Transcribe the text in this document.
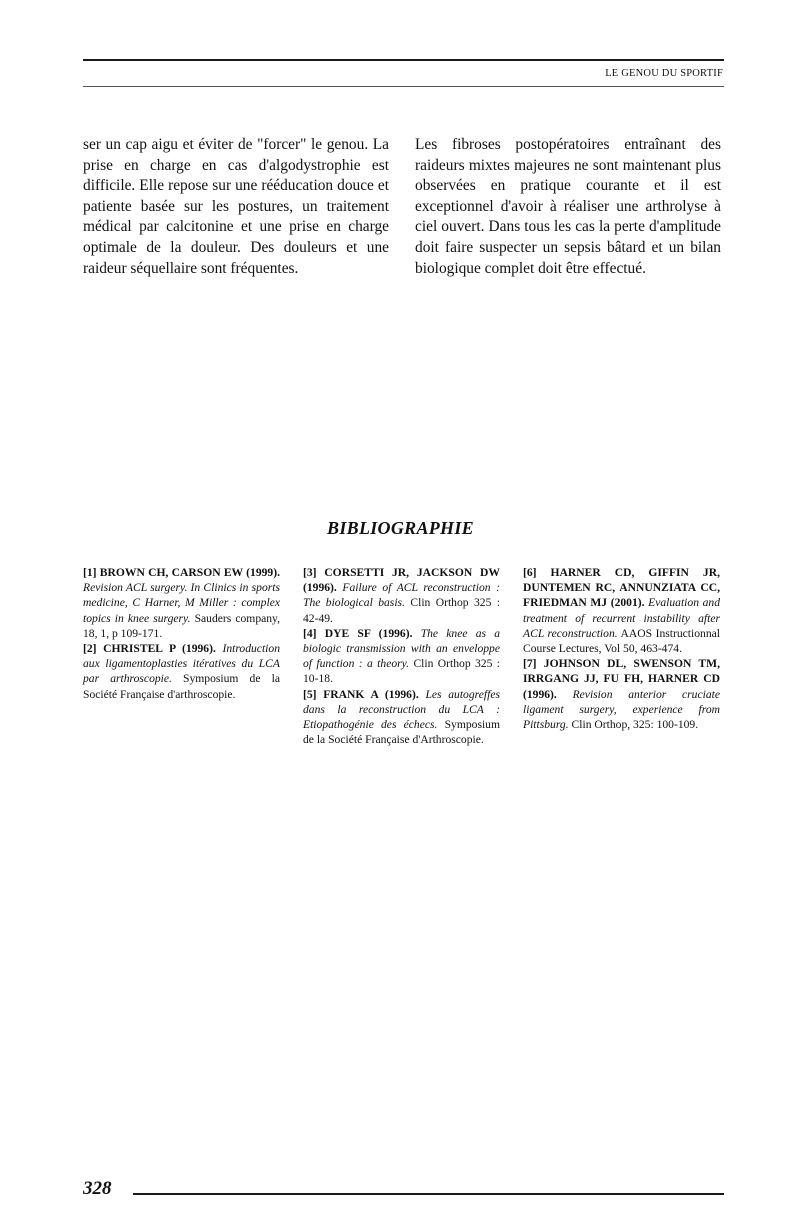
LE GENOU DU SPORTIF

ser un cap aigu et éviter de "forcer" le genou. La prise en charge en cas d'algodystrophie est difficile. Elle repose sur une rééducation douce et patiente basée sur les postures, un traitement médical par calcitonine et une prise en charge optimale de la douleur. Des douleurs et une raideur séquellaire sont fréquentes.

Les fibroses postopératoires entraînant des raideurs mixtes majeures ne sont maintenant plus observées en pratique courante et il est exceptionnel d'avoir à réaliser une arthrolyse à ciel ouvert. Dans tous les cas la perte d'amplitude doit faire suspecter un sepsis bâtard et un bilan biologique complet doit être effectué.

BIBLIOGRAPHIE

[1] BROWN CH, CARSON EW (1999). Revision ACL surgery. In Clinics in sports medicine, C Harner, M Miller : complex topics in knee surgery. Sauders company, 18, 1, p 109-171.

[2] CHRISTEL P (1996). Introduction aux ligamentoplasties itératives du LCA par arthroscopie. Symposium de la Société Française d'arthroscopie.

[3] CORSETTI JR, JACKSON DW (1996). Failure of ACL reconstruction : The biological basis. Clin Orthop 325 : 42-49.

[4] DYE SF (1996). The knee as a biologic transmission with an enveloppe of function : a theory. Clin Orthop 325 : 10-18.

[5] FRANK A (1996). Les autogreffes dans la reconstruction du LCA : Etiopathogénie des échecs. Symposium de la Société Française d'Arthroscopie.

[6] HARNER CD, GIFFIN JR, DUNTEMEN RC, ANNUNZIATA CC, FRIEDMAN MJ (2001). Evaluation and treatment of recurrent instability after ACL reconstruction. AAOS Instructionnal Course Lectures, Vol 50, 463-474.

[7] JOHNSON DL, SWENSON TM, IRRGANG JJ, FU FH, HARNER CD (1996). Revision anterior cruciate ligament surgery, experience from Pittsburg. Clin Orthop, 325: 100-109.

328
